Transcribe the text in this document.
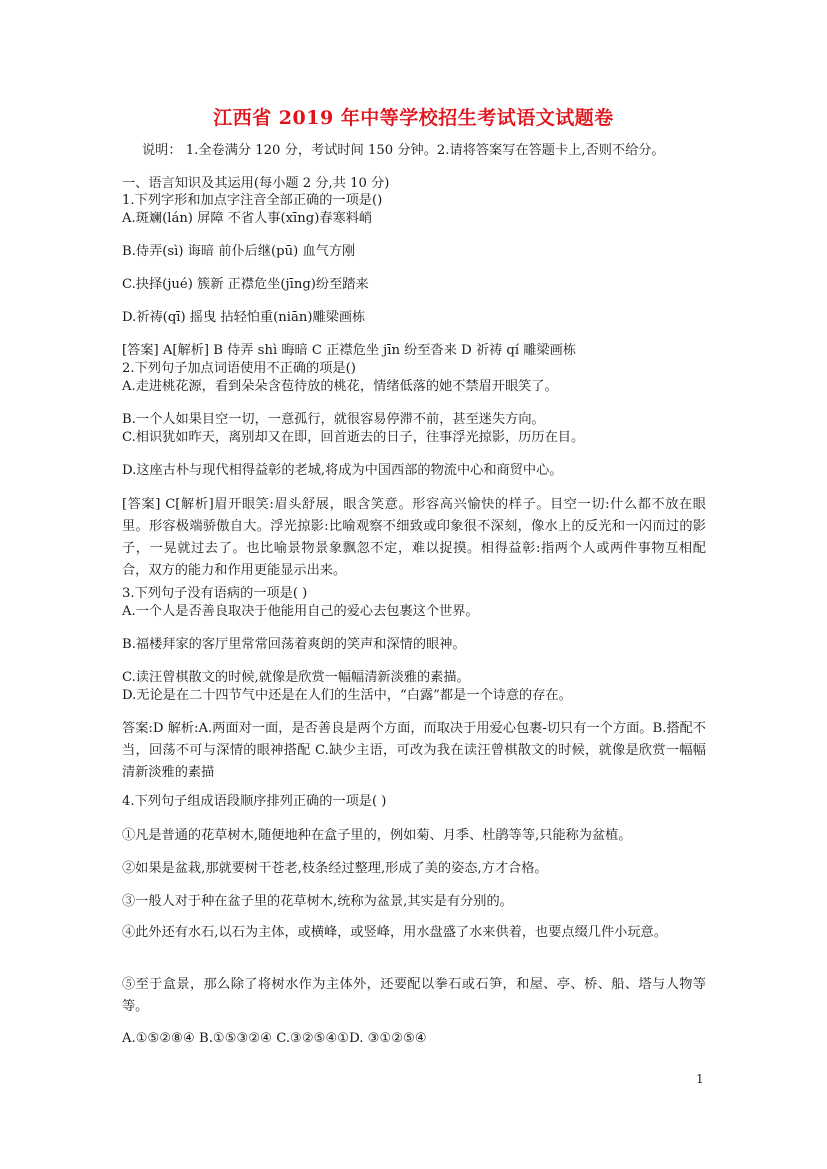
江西省 2019 年中等学校招生考试语文试题卷
说明： 1.全卷满分 120 分，考试时间 150 分钟。2.请将答案写在答题卡上,否则不给分。
一、语言知识及其运用(每小题 2 分,共 10 分)
1.下列字形和加点字注音全部正确的一项是()
A.斑斓(lán) 屏障 不省人事(xīng)春寒料峭
B.侍弄(sì) 诲暗 前仆后继(pū) 血气方刚
C.抉择(jué) 簇新 正襟危坐(jīng)纷至踏来
D.祈祷(qī) 摇曳 拈轻怕重(niān)雕梁画栋
[答案] A[解析] B 侍弄 shì 晦暗 C 正襟危坐 jīn 纷至沓来 D 祈祷 qí 雕梁画栋
2.下列句子加点词语使用不正确的项是()
A.走进桃花源，看到朵朵含苞待放的桃花，情绪低落的她不禁眉开眼笑了。
B.一个人如果目空一切，一意孤行，就很容易停滞不前，甚至迷失方向。
C.相识犹如昨天，离别却又在即，回首逝去的日子，往事浮光掠影，历历在目。
D.这座古朴与现代相得益彰的老城,将成为中国西部的物流中心和商贸中心。
[答案] C[解析]眉开眼笑:眉头舒展，眼含笑意。形容高兴愉快的样子。目空一切:什么都不放在眼里。形容极端骄傲自大。浮光掠影:比喻观察不细致或印象很不深刻，像水上的反光和一闪而过的影子，一晃就过去了。也比喻景物景象飘忽不定，难以捉摸。相得益彰:指两个人或两件事物互相配合，双方的能力和作用更能显示出来。
3.下列句子没有语病的一项是( )
A.一个人是否善良取决于他能用自己的爱心去包裹这个世界。
B.福楼拜家的客厅里常常回荡着爽朗的笑声和深情的眼神。
C.读汪曾棋散文的时候,就像是欣赏一幅幅清新淡雅的素描。
D.无论是在二十四节气中还是在人们的生活中，“白露”都是一个诗意的存在。
答案:D 解析:A.两面对一面，是否善良是两个方面，而取决于用爱心包裹-切只有一个方面。B.搭配不当，回荡不可与深情的眼神搭配 C.缺少主语，可改为我在读汪曾棋散文的时候，就像是欣赏一幅幅清新淡雅的素描
4.下列句子组成语段顺序排列正确的一项是( )
①凡是普通的花草树木,随便地种在盒子里的，例如菊、月季、杜鹃等等,只能称为盆植。
②如果是盆栽,那就要树干苍老,枝条经过整理,形成了美的姿态,方才合格。
③一般人对于种在盆子里的花草树木,统称为盆景,其实是有分别的。
④此外还有水石,以石为主体，或横峰，或竖峰，用水盘盛了水来供着，也要点缀几件小玩意。
⑤至于盒景，那么除了将树水作为主体外，还要配以拳石或石笋，和屋、亭、桥、船、塔与人物等等。
A.①⑤②⑧④ B.①⑤③②④ C.③②⑤④①D. ③①②⑤④
1
